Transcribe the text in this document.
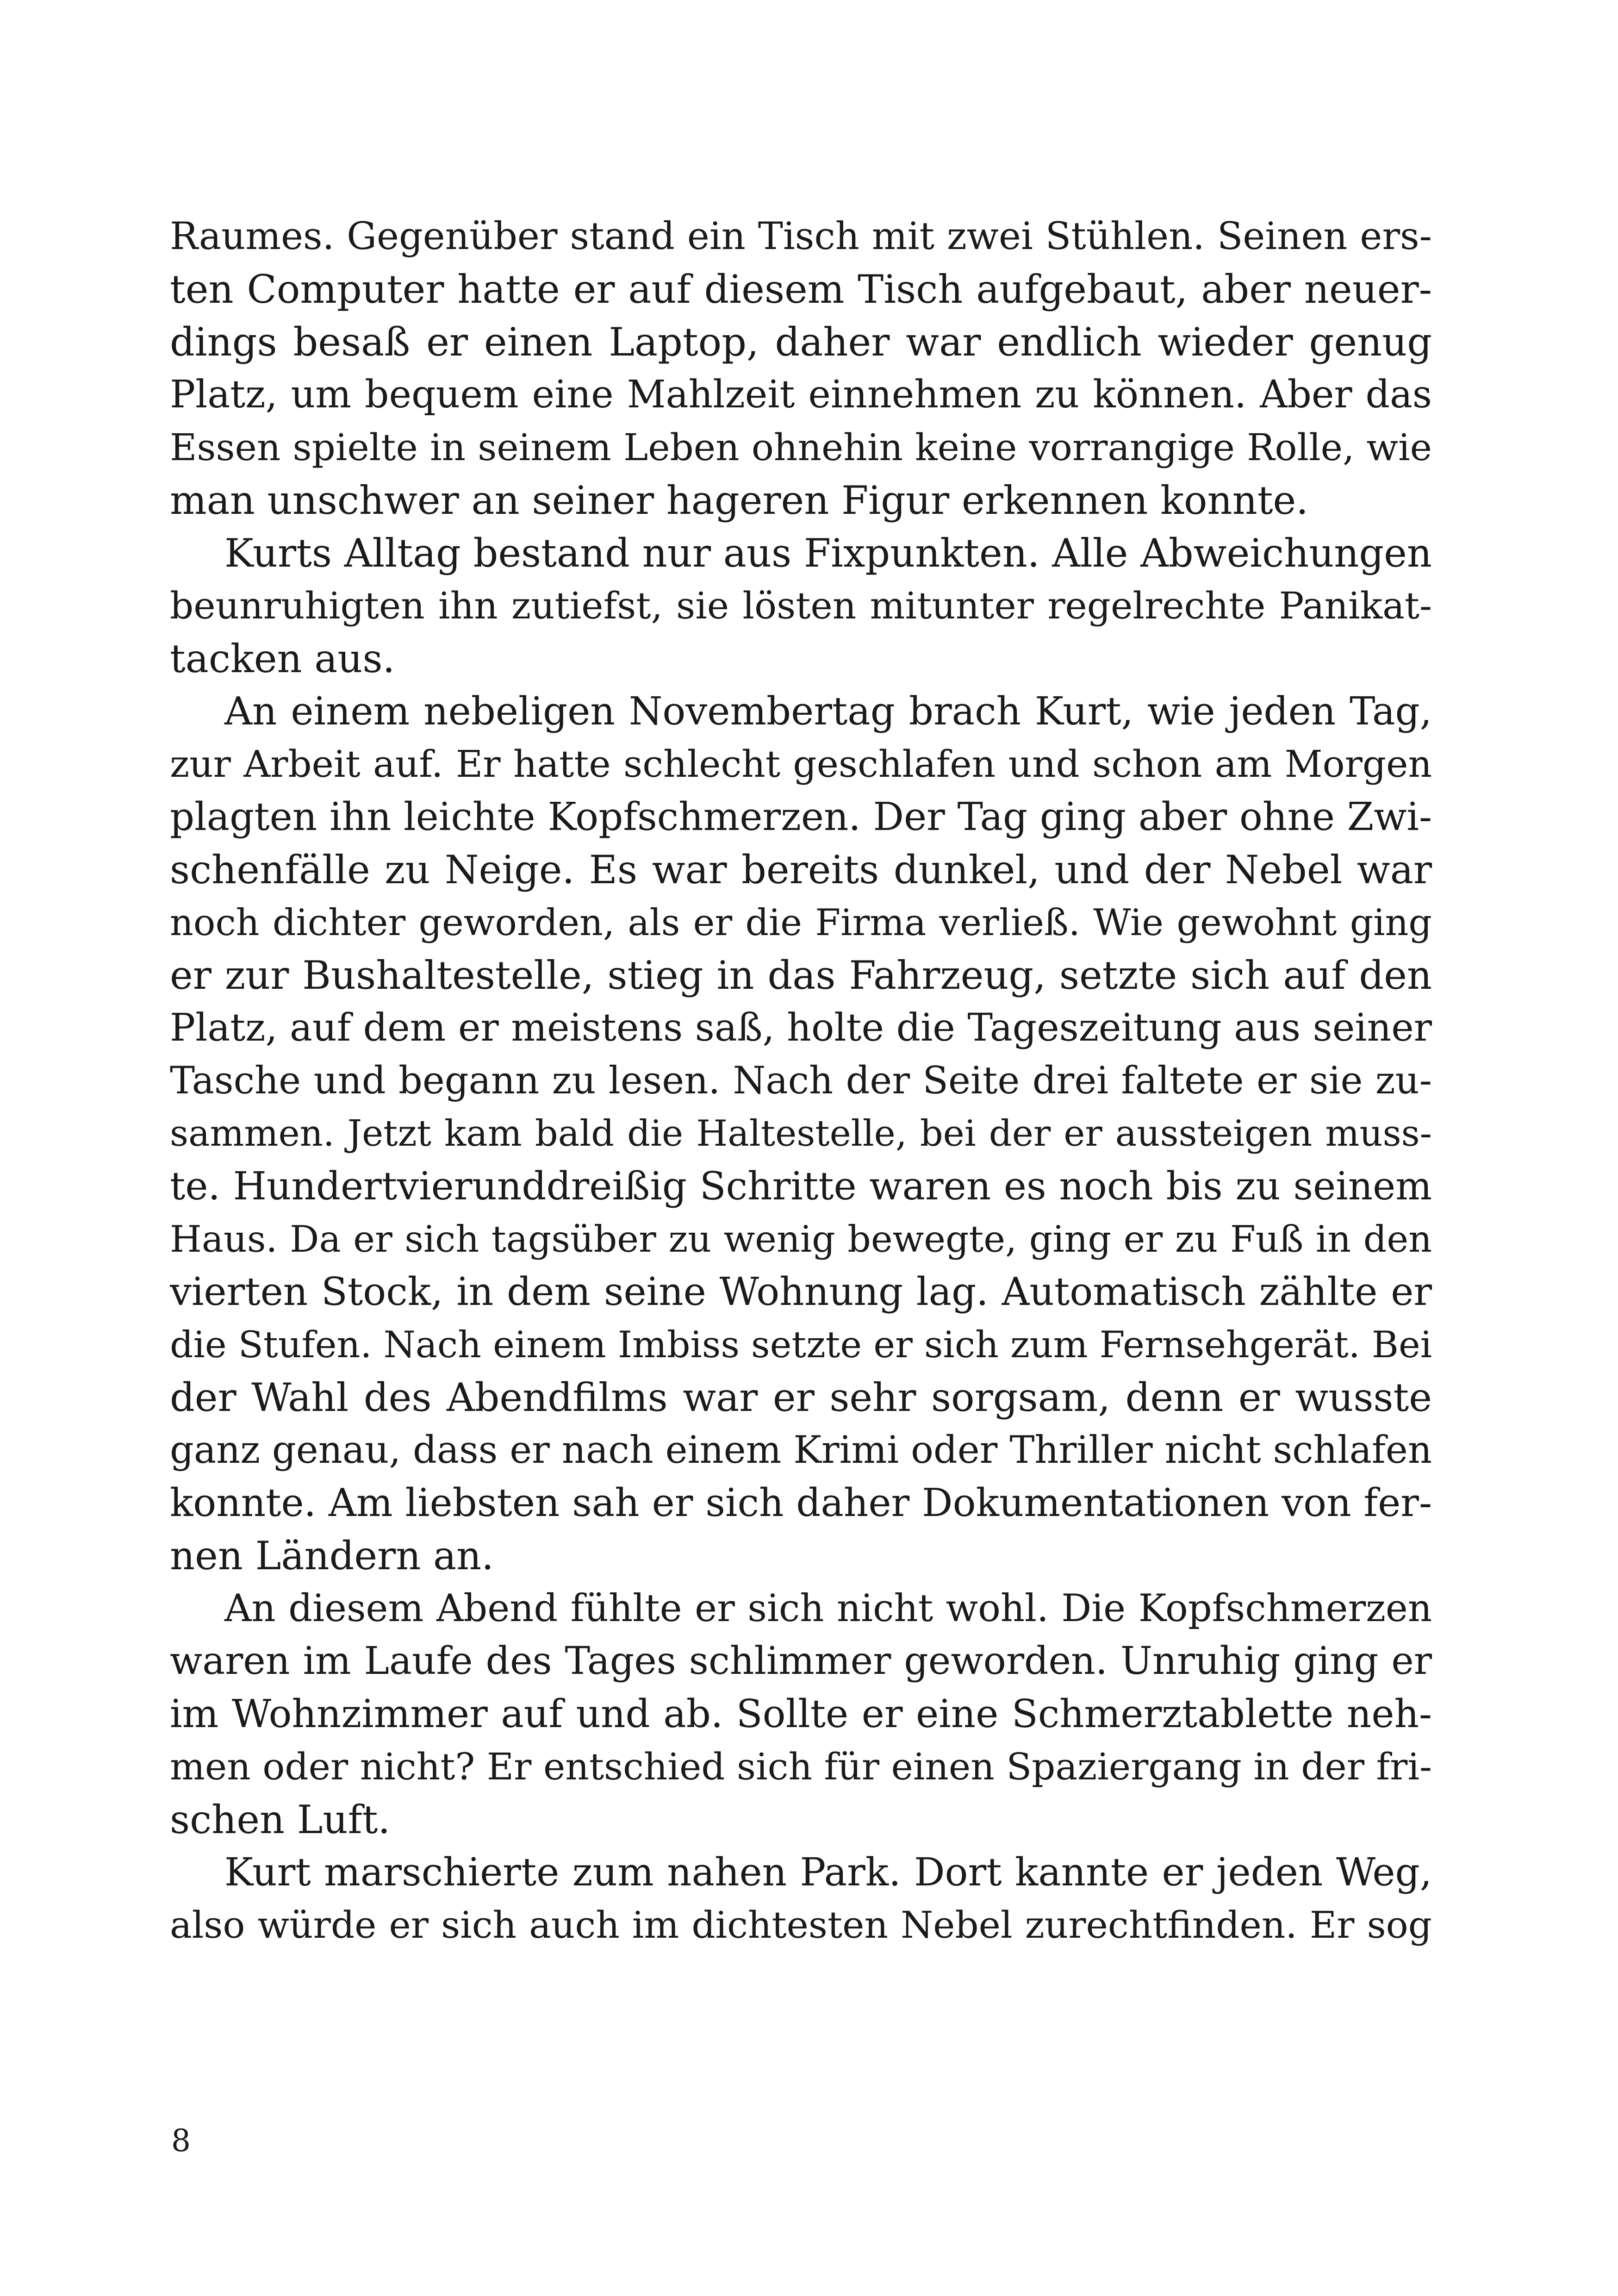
Raumes. Gegenüber stand ein Tisch mit zwei Stühlen. Seinen ers-
ten Computer hatte er auf diesem Tisch aufgebaut, aber neuer-
dings besaß er einen Laptop, daher war endlich wieder genug
Platz, um bequem eine Mahlzeit einnehmen zu können. Aber das
Essen spielte in seinem Leben ohnehin keine vorrangige Rolle, wie
man unschwer an seiner hageren Figur erkennen konnte.
Kurts Alltag bestand nur aus Fixpunkten. Alle Abweichungen
beunruhigten ihn zutiefst, sie lösten mitunter regelrechte Panikat-
tacken aus.
An einem nebeligen Novembertag brach Kurt, wie jeden Tag,
zur Arbeit auf. Er hatte schlecht geschlafen und schon am Morgen
plagten ihn leichte Kopfschmerzen. Der Tag ging aber ohne Zwi-
schenfälle zu Neige. Es war bereits dunkel, und der Nebel war
noch dichter geworden, als er die Firma verließ. Wie gewohnt ging
er zur Bushaltestelle, stieg in das Fahrzeug, setzte sich auf den
Platz, auf dem er meistens saß, holte die Tageszeitung aus seiner
Tasche und begann zu lesen. Nach der Seite drei faltete er sie zu-
sammen. Jetzt kam bald die Haltestelle, bei der er aussteigen muss-
te. Hundertvierunddreißig Schritte waren es noch bis zu seinem
Haus. Da er sich tagsüber zu wenig bewegte, ging er zu Fuß in den
vierten Stock, in dem seine Wohnung lag. Automatisch zählte er
die Stufen. Nach einem Imbiss setzte er sich zum Fernsehgerät. Bei
der Wahl des Abendfilms war er sehr sorgsam, denn er wusste
ganz genau, dass er nach einem Krimi oder Thriller nicht schlafen
konnte. Am liebsten sah er sich daher Dokumentationen von fer-
nen Ländern an.
An diesem Abend fühlte er sich nicht wohl. Die Kopfschmerzen
waren im Laufe des Tages schlimmer geworden. Unruhig ging er
im Wohnzimmer auf und ab. Sollte er eine Schmerztablette neh-
men oder nicht? Er entschied sich für einen Spaziergang in der fri-
schen Luft.
Kurt marschierte zum nahen Park. Dort kannte er jeden Weg,
also würde er sich auch im dichtesten Nebel zurechtfinden. Er sog
8
